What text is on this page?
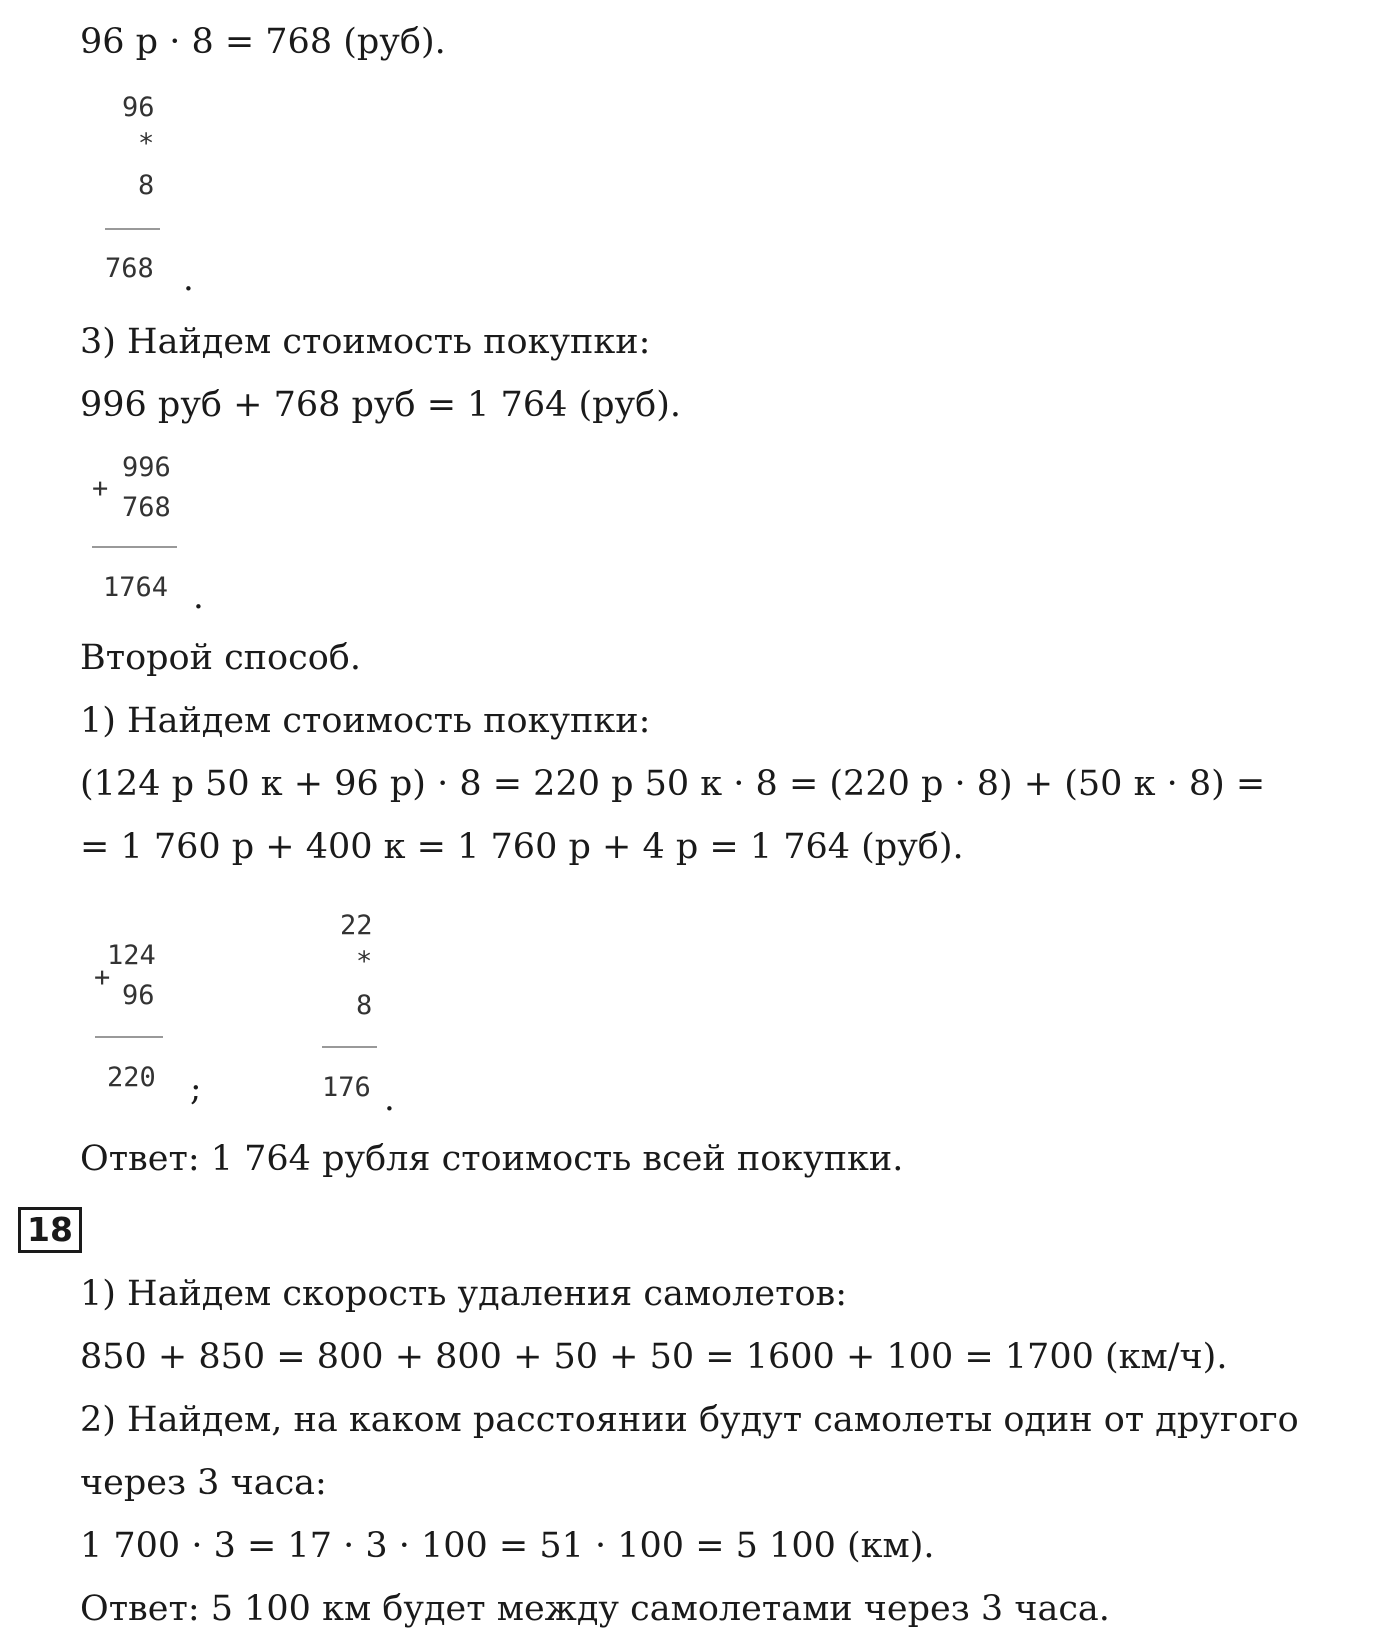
96 р · 8 = 768 (руб).
96
*
8
768 .
3) Найдем стоимость покупки:
996 руб + 768 руб = 1 764 (руб).
+
996
768
1764 .
Второй способ.
1) Найдем стоимость покупки:
(124 р 50 к + 96 р) · 8 = 220 р 50 к · 8 = (220 р · 8) + (50 к · 8) =
= 1 760 р + 400 к = 1 760 р + 4 р = 1 764 (руб).
124
+
96
220 ;
22
*
8
176 .
Ответ: 1 764 рубля стоимость всей покупки.
18
1) Найдем скорость удаления самолетов:
850 + 850 = 800 + 800 + 50 + 50 = 1600 + 100 = 1700 (км/ч).
2) Найдем, на каком расстоянии будут самолеты один от другого
через 3 часа:
1 700 · 3 = 17 · 3 · 100 = 51 · 100 = 5 100 (км).
Ответ: 5 100 км будет между самолетами через 3 часа.
